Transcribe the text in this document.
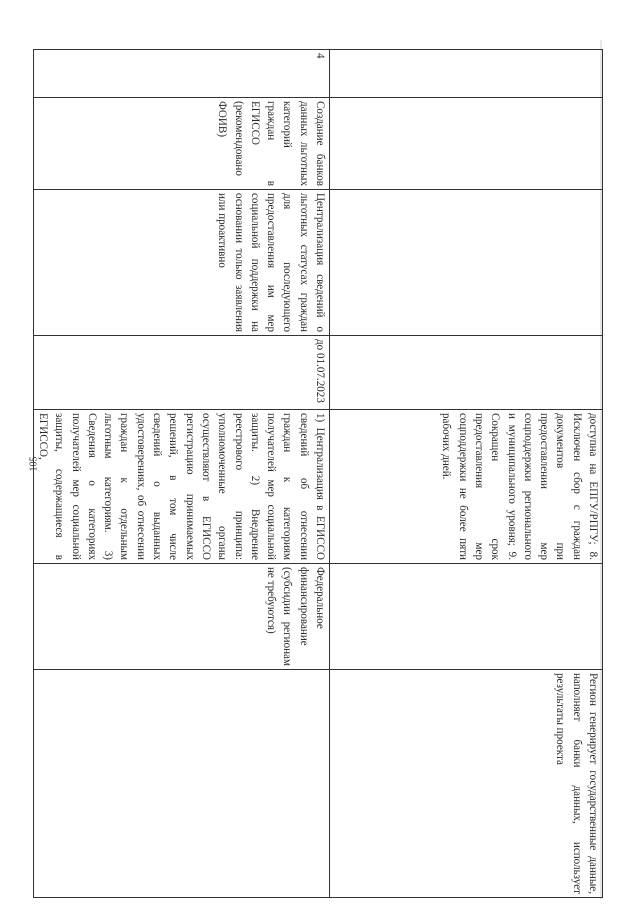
105

				доступна на ЕПГУ/РПГУ; 8. Исключен сбор с граждан документов при предоставлении мер соцподдержки регионального и муниципального уровня; 9. Сокращен срок предоставления мер соцподдержки не более пяти рабочих дней.		Регион генерирует государственные данные, наполняет банки данных, использует результаты проекта

4	Создание банков данных льготных категорий граждан в ЕГИССО (рекомендовано ФОИВ)	Централизация сведений о льготных статусах граждан для последующего предоставления им мер социальной поддержки на основании только заявления или проактивно	до 01.07.2023	1) Централизация в ЕГИССО сведений об отнесении граждан к категориям получателей мер социальной защиты. 2) Внедрение реестрового принципа: уполномоченные органы осуществляют в ЕГИССО регистрацию принимаемых решений, в том числе сведений о выданных удостоверениях, об отнесении граждан к отдельным льготным категориям. 3) Сведения о категориях получателей мер социальной защиты, содержащиеся в ЕГИССО,	Федеральное финансирование (субсидии регионам не требуются)	
